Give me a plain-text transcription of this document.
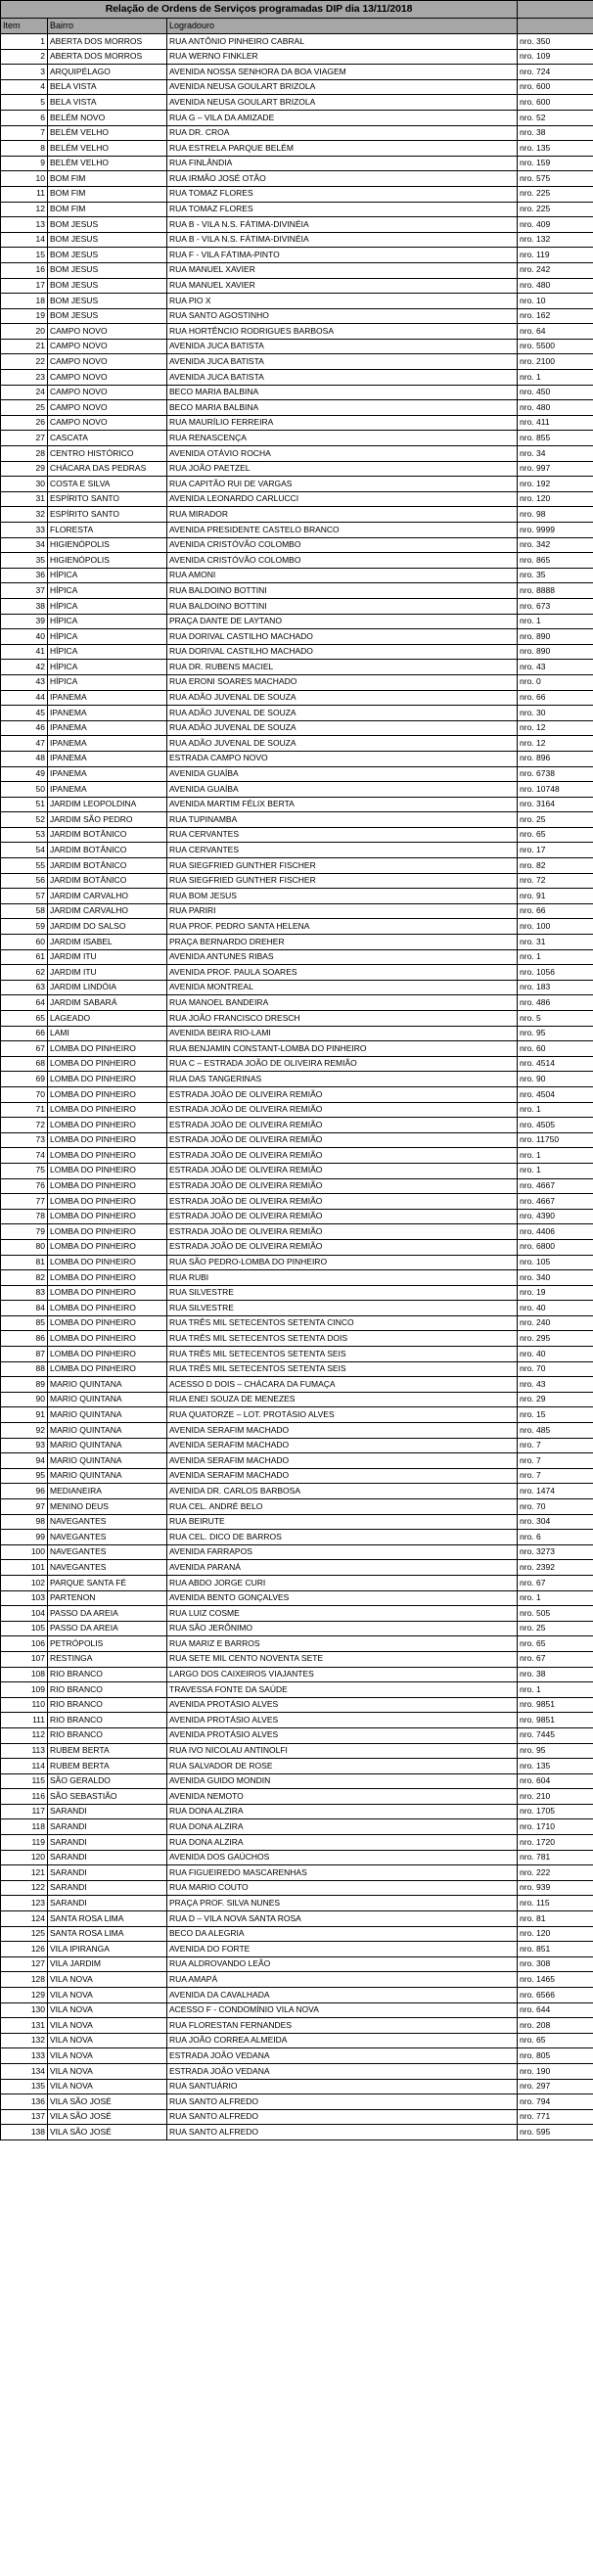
Relação de Ordens de Serviços programadas DIP dia 13/11/2018			
Item	Bairro	Logradouro	
1	ABERTA DOS MORROS	RUA ANTÔNIO PINHEIRO CABRAL	nro. 350
2	ABERTA DOS MORROS	RUA WERNO FINKLER	nro. 109
3	ARQUIPÉLAGO	AVENIDA NOSSA SENHORA DA BOA VIAGEM	nro. 724
4	BELA VISTA	AVENIDA NEUSA GOULART BRIZOLA	nro. 600
5	BELA VISTA	AVENIDA NEUSA GOULART BRIZOLA	nro. 600
6	BELÉM NOVO	RUA G – VILA DA AMIZADE	nro. 52
7	BELÉM VELHO	RUA DR. CROA	nro. 38
8	BELÉM VELHO	RUA ESTRELA PARQUE BELÉM	nro. 135
9	BELÉM VELHO	RUA FINLÂNDIA	nro. 159
10	BOM FIM	RUA IRMÃO JOSÉ OTÃO	nro. 575
11	BOM FIM	RUA TOMAZ FLORES	nro. 225
12	BOM FIM	RUA TOMAZ FLORES	nro. 225
13	BOM JESUS	RUA B - VILA N.S. FÁTIMA-DIVINÉIA	nro. 409
14	BOM JESUS	RUA B - VILA N.S. FÁTIMA-DIVINÉIA	nro. 132
15	BOM JESUS	RUA F - VILA FÁTIMA-PINTO	nro. 119
16	BOM JESUS	RUA MANUEL XAVIER	nro. 242
17	BOM JESUS	RUA MANUEL XAVIER	nro. 480
18	BOM JESUS	RUA PIO X	nro. 10
19	BOM JESUS	RUA SANTO AGOSTINHO	nro. 162
20	CAMPO NOVO	RUA HORTÊNCIO RODRIGUES BARBOSA	nro. 64
21	CAMPO NOVO	AVENIDA JUCA BATISTA	nro. 5500
22	CAMPO NOVO	AVENIDA JUCA BATISTA	nro. 2100
23	CAMPO NOVO	AVENIDA JUCA BATISTA	nro. 1
24	CAMPO NOVO	BECO MARIA BALBINA	nro. 450
25	CAMPO NOVO	BECO MARIA BALBINA	nro. 480
26	CAMPO NOVO	RUA MAURÍLIO FERREIRA	nro. 411
27	CASCATA	RUA RENASCENÇA	nro. 855
28	CENTRO HISTÓRICO	AVENIDA OTÁVIO ROCHA	nro. 34
29	CHÁCARA DAS PEDRAS	RUA JOÃO PAETZEL	nro. 997
30	COSTA E SILVA	RUA CAPITÃO RUI DE VARGAS	nro. 192
31	ESPÍRITO SANTO	AVENIDA LEONARDO CARLUCCI	nro. 120
32	ESPÍRITO SANTO	RUA MIRADOR	nro. 98
33	FLORESTA	AVENIDA PRESIDENTE CASTELO BRANCO	nro. 9999
34	HIGIENÓPOLIS	AVENIDA CRISTÓVÃO COLOMBO	nro. 342
35	HIGIENÓPOLIS	AVENIDA CRISTÓVÃO COLOMBO	nro. 865
36	HÍPICA	RUA AMONI	nro. 35
37	HÍPICA	RUA BALDOINO BOTTINI	nro. 8888
38	HÍPICA	RUA BALDOINO BOTTINI	nro. 673
39	HÍPICA	PRAÇA DANTE DE LAYTANO	nro. 1
40	HÍPICA	RUA DORIVAL CASTILHO MACHADO	nro. 890
41	HÍPICA	RUA DORIVAL CASTILHO MACHADO	nro. 890
42	HÍPICA	RUA DR. RUBENS MACIEL	nro. 43
43	HÍPICA	RUA ERONI SOARES MACHADO	nro. 0
44	IPANEMA	RUA ADÃO JUVENAL DE SOUZA	nro. 66
45	IPANEMA	RUA ADÃO JUVENAL DE SOUZA	nro. 30
46	IPANEMA	RUA ADÃO JUVENAL DE SOUZA	nro. 12
47	IPANEMA	RUA ADÃO JUVENAL DE SOUZA	nro. 12
48	IPANEMA	ESTRADA CAMPO NOVO	nro. 896
49	IPANEMA	AVENIDA GUAÍBA	nro. 6738
50	IPANEMA	AVENIDA GUAÍBA	nro. 10748
51	JARDIM LEOPOLDINA	AVENIDA MARTIM FÉLIX BERTA	nro. 3164
52	JARDIM SÃO PEDRO	RUA TUPINAMBA	nro. 25
53	JARDIM BOTÂNICO	RUA CERVANTES	nro. 65
54	JARDIM BOTÂNICO	RUA CERVANTES	nro. 17
55	JARDIM BOTÂNICO	RUA SIEGFRIED GUNTHER FISCHER	nro. 82
56	JARDIM BOTÂNICO	RUA SIEGFRIED GUNTHER FISCHER	nro. 72
57	JARDIM CARVALHO	RUA BOM JESUS	nro. 91
58	JARDIM CARVALHO	RUA PARIRI	nro. 66
59	JARDIM DO SALSO	RUA PROF. PEDRO SANTA HELENA	nro. 100
60	JARDIM ISABEL	PRAÇA BERNARDO DREHER	nro. 31
61	JARDIM ITU	AVENIDA ANTUNES RIBAS	nro. 1
62	JARDIM ITU	AVENIDA PROF. PAULA SOARES	nro. 1056
63	JARDIM LINDÓIA	AVENIDA MONTREAL	nro. 183
64	JARDIM SABARÁ	RUA MANOEL BANDEIRA	nro. 486
65	LAGEADO	RUA JOÃO FRANCISCO DRESCH	nro. 5
66	LAMI	AVENIDA BEIRA RIO-LAMI	nro. 95
67	LOMBA DO PINHEIRO	RUA BENJAMIN CONSTANT-LOMBA DO PINHEIRO	nro. 60
68	LOMBA DO PINHEIRO	RUA C – ESTRADA JOÃO DE OLIVEIRA REMIÃO	nro. 4514
69	LOMBA DO PINHEIRO	RUA DAS TANGERINAS	nro. 90
70	LOMBA DO PINHEIRO	ESTRADA JOÃO DE OLIVEIRA REMIÃO	nro. 4504
71	LOMBA DO PINHEIRO	ESTRADA JOÃO DE OLIVEIRA REMIÃO	nro. 1
72	LOMBA DO PINHEIRO	ESTRADA JOÃO DE OLIVEIRA REMIÃO	nro. 4505
73	LOMBA DO PINHEIRO	ESTRADA JOÃO DE OLIVEIRA REMIÃO	nro. 11750
74	LOMBA DO PINHEIRO	ESTRADA JOÃO DE OLIVEIRA REMIÃO	nro. 1
75	LOMBA DO PINHEIRO	ESTRADA JOÃO DE OLIVEIRA REMIÃO	nro. 1
76	LOMBA DO PINHEIRO	ESTRADA JOÃO DE OLIVEIRA REMIÃO	nro. 4667
77	LOMBA DO PINHEIRO	ESTRADA JOÃO DE OLIVEIRA REMIÃO	nro. 4667
78	LOMBA DO PINHEIRO	ESTRADA JOÃO DE OLIVEIRA REMIÃO	nro. 4390
79	LOMBA DO PINHEIRO	ESTRADA JOÃO DE OLIVEIRA REMIÃO	nro. 4406
80	LOMBA DO PINHEIRO	ESTRADA JOÃO DE OLIVEIRA REMIÃO	nro. 6800
81	LOMBA DO PINHEIRO	RUA SÃO PEDRO-LOMBA DO PINHEIRO	nro. 105
82	LOMBA DO PINHEIRO	RUA RUBI	nro. 340
83	LOMBA DO PINHEIRO	RUA SILVESTRE	nro. 19
84	LOMBA DO PINHEIRO	RUA SILVESTRE	nro. 40
85	LOMBA DO PINHEIRO	RUA TRÊS MIL SETECENTOS SETENTA CINCO	nro. 240
86	LOMBA DO PINHEIRO	RUA TRÊS MIL SETECENTOS SETENTA DOIS	nro. 295
87	LOMBA DO PINHEIRO	RUA TRÊS MIL SETECENTOS SETENTA SEIS	nro. 40
88	LOMBA DO PINHEIRO	RUA TRÊS MIL SETECENTOS SETENTA SEIS	nro. 70
89	MARIO QUINTANA	ACESSO D DOIS – CHÁCARA DA FUMAÇA	nro. 43
90	MARIO QUINTANA	RUA ENEI SOUZA DE MENEZES	nro. 29
91	MARIO QUINTANA	RUA QUATORZE – LOT. PROTÁSIO ALVES	nro. 15
92	MARIO QUINTANA	AVENIDA SERAFIM MACHADO	nro. 485
93	MARIO QUINTANA	AVENIDA SERAFIM MACHADO	nro. 7
94	MARIO QUINTANA	AVENIDA SERAFIM MACHADO	nro. 7
95	MARIO QUINTANA	AVENIDA SERAFIM MACHADO	nro. 7
96	MEDIANEIRA	AVENIDA DR. CARLOS BARBOSA	nro. 1474
97	MENINO DEUS	RUA CEL. ANDRÉ BELO	nro. 70
98	NAVEGANTES	RUA BEIRUTE	nro. 304
99	NAVEGANTES	RUA CEL. DICO DE BARROS	nro. 6
100	NAVEGANTES	AVENIDA FARRAPOS	nro. 3273
101	NAVEGANTES	AVENIDA PARANÁ	nro. 2392
102	PARQUE SANTA FÉ	RUA ABDO JORGE CURI	nro. 67
103	PARTENON	AVENIDA BENTO GONÇALVES	nro. 1
104	PASSO DA AREIA	RUA LUIZ COSME	nro. 505
105	PASSO DA AREIA	RUA SÃO JERÔNIMO	nro. 25
106	PETRÓPOLIS	RUA MARIZ E BARROS	nro. 65
107	RESTINGA	RUA SETE MIL CENTO NOVENTA SETE	nro. 67
108	RIO BRANCO	LARGO DOS CAIXEIROS VIAJANTES	nro. 38
109	RIO BRANCO	TRAVESSA FONTE DA SAÚDE	nro. 1
110	RIO BRANCO	AVENIDA PROTÁSIO ALVES	nro. 9851
111	RIO BRANCO	AVENIDA PROTÁSIO ALVES	nro. 9851
112	RIO BRANCO	AVENIDA PROTÁSIO ALVES	nro. 7445
113	RUBEM BERTA	RUA IVO NICOLAU ANTINOLFI	nro. 95
114	RUBEM BERTA	RUA SALVADOR DE ROSE	nro. 135
115	SÃO GERALDO	AVENIDA GUIDO MONDIN	nro. 604
116	SÃO SEBASTIÃO	AVENIDA NEMOTO	nro. 210
117	SARANDI	RUA DONA ALZIRA	nro. 1705
118	SARANDI	RUA DONA ALZIRA	nro. 1710
119	SARANDI	RUA DONA ALZIRA	nro. 1720
120	SARANDI	AVENIDA DOS GAÚCHOS	nro. 781
121	SARANDI	RUA FIGUEIREDO MASCARENHAS	nro. 222
122	SARANDI	RUA MARIO COUTO	nro. 939
123	SARANDI	PRAÇA PROF. SILVA NUNES	nro. 115
124	SANTA ROSA LIMA	RUA D – VILA NOVA SANTA ROSA	nro. 81
125	SANTA ROSA LIMA	BECO DA ALEGRIA	nro. 120
126	VILA IPIRANGA	AVENIDA DO FORTE	nro. 851
127	VILA JARDIM	RUA ALDROVANDO LEÃO	nro. 308
128	VILA NOVA	RUA AMAPÁ	nro. 1465
129	VILA NOVA	AVENIDA DA CAVALHADA	nro. 6566
130	VILA NOVA	ACESSO F - CONDOMÍNIO VILA NOVA	nro. 644
131	VILA NOVA	RUA FLORESTAN FERNANDES	nro. 208
132	VILA NOVA	RUA JOÃO CORREA ALMEIDA	nro. 65
133	VILA NOVA	ESTRADA JOÃO VEDANA	nro. 805
134	VILA NOVA	ESTRADA JOÃO VEDANA	nro. 190
135	VILA NOVA	RUA SANTUÁRIO	nro. 297
136	VILA SÃO JOSÉ	RUA SANTO ALFREDO	nro. 794
137	VILA SÃO JOSÉ	RUA SANTO ALFREDO	nro. 771
138	VILA SÃO JOSÉ	RUA SANTO ALFREDO	nro. 595
